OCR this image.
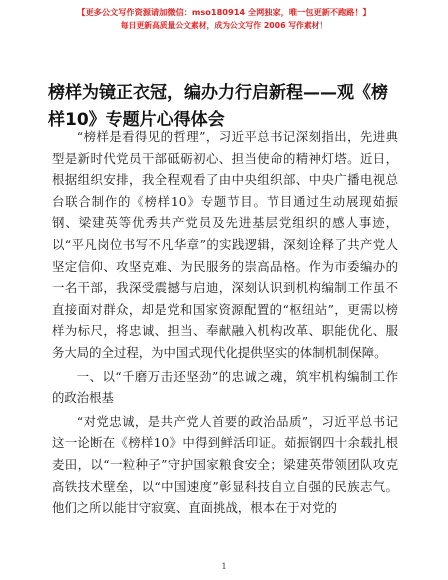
【更多公文写作资源请加微信：mso180914 全网独家，唯一包更新不跑路！】
每日更新高质量公文素材，成为公文写作 2006 写作素材！
榜样为镜正衣冠，编办力行启新程——观《榜样10》专题片心得体会

“榜样是看得见的哲理”，习近平总书记深刻指出，先进典型是新时代党员干部砥砺初心、担当使命的精神灯塔。近日，根据组织安排，我全程观看了由中央组织部、中央广播电视总台联合制作的《榜样10》专题节目。节目通过生动展现茹振钢、梁建英等优秀共产党员及先进基层党组织的感人事迹，以“平凡岗位书写不凡华章”的实践逻辑，深刻诠释了共产党人坚定信仰、攻坚克难、为民服务的崇高品格。作为市委编办的一名干部，我深受震撼与启迪，深刻认识到机构编制工作虽不直接面对群众，却是党和国家资源配置的“枢纽站”，更需以榜样为标尺，将忠诚、担当、奉献融入机构改革、职能优化、服务大局的全过程，为中国式现代化提供坚实的体制机制保障。

一、以“千磨万击还坚劲”的忠诚之魂，筑牢机构编制工作的政治根基

“对党忠诚，是共产党人首要的政治品质”，习近平总书记这一论断在《榜样10》中得到鲜活印证。茹振钢四十余载扎根麦田，以“一粒种子”守护国家粮食安全；梁建英带领团队攻克高铁技术壁垒，以“中国速度”彰显科技自立自强的民族志气。他们之所以能甘守寂寞、直面挑战，根本在于对党的

1
